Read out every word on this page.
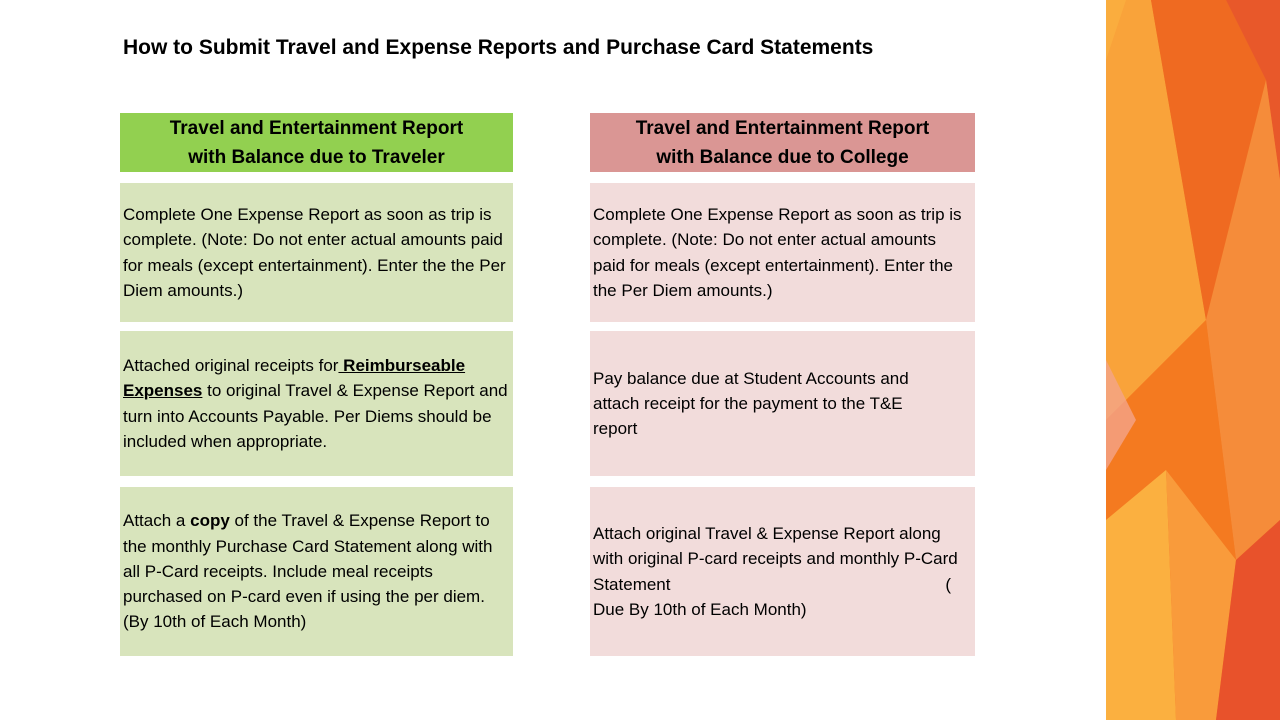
How to Submit Travel and Expense Reports and Purchase Card Statements
Travel and Entertainment Report
with Balance due to Traveler
Complete One Expense Report as soon as trip is complete. (Note: Do not enter actual amounts paid for meals (except entertainment). Enter the the Per Diem amounts.)
Attached original receipts for Reimburseable Expenses to original Travel & Expense Report and turn into Accounts Payable. Per Diems should be included when appropriate.
Attach a copy of the Travel & Expense Report to the monthly Purchase Card Statement along with all P-Card receipts. Include meal receipts purchased on P-card even if using the per diem. (By 10th of Each Month)
Travel and Entertainment Report
with Balance due to College
Complete One Expense Report as soon as trip is complete. (Note: Do not enter actual amounts paid for meals (except entertainment). Enter the the Per Diem amounts.)
Pay balance due at Student Accounts and attach receipt for the payment to the T&E report
Attach original Travel & Expense Report along with original P-card receipts and monthly P-Card Statement	(

Due By 10th of Each Month)
